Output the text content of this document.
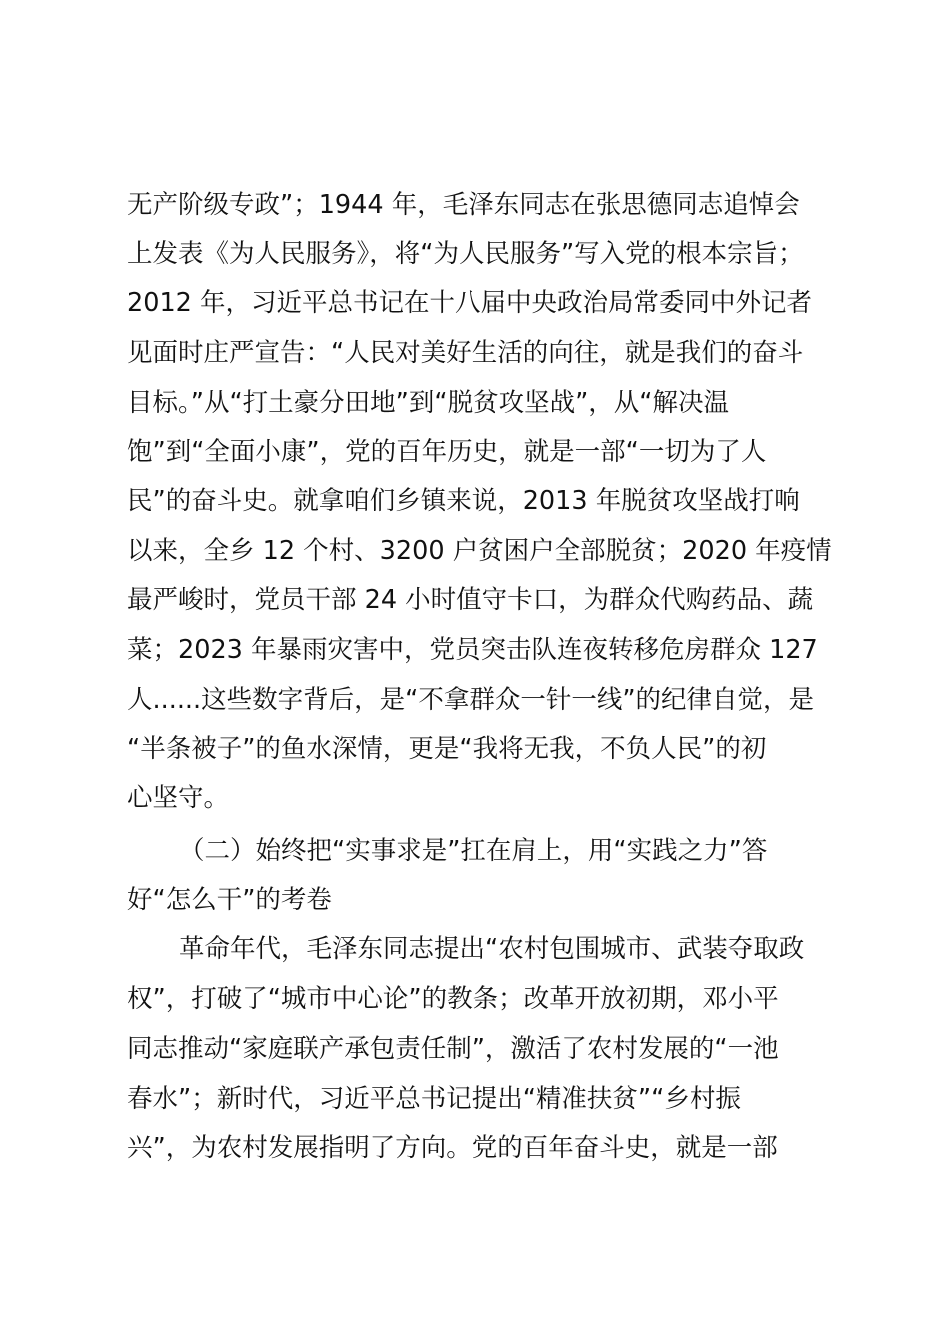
无产阶级专政”；1944 年，毛泽东同志在张思德同志追悼会
上发表《为人民服务》，将“为人民服务”写入党的根本宗旨；
2012 年，习近平总书记在十八届中央政治局常委同中外记者
见面时庄严宣告：“人民对美好生活的向往，就是我们的奋斗
目标。”从“打土豪分田地”到“脱贫攻坚战”，从“解决温
饱”到“全面小康”，党的百年历史，就是一部“一切为了人
民”的奋斗史。就拿咱们乡镇来说，2013 年脱贫攻坚战打响
以来，全乡 12 个村、3200 户贫困户全部脱贫；2020 年疫情
最严峻时，党员干部 24 小时值守卡口，为群众代购药品、蔬
菜；2023 年暴雨灾害中，党员突击队连夜转移危房群众 127
人......这些数字背后，是“不拿群众一针一线”的纪律自觉，是
“半条被子”的鱼水深情，更是“我将无我，不负人民”的初
心坚守。
（二）始终把“实事求是”扛在肩上，用“实践之力”答
好“怎么干”的考卷
革命年代，毛泽东同志提出“农村包围城市、武装夺取政
权”，打破了“城市中心论”的教条；改革开放初期，邓小平
同志推动“家庭联产承包责任制”，激活了农村发展的“一池
春水”；新时代，习近平总书记提出“精准扶贫”“乡村振
兴”，为农村发展指明了方向。党的百年奋斗史，就是一部
